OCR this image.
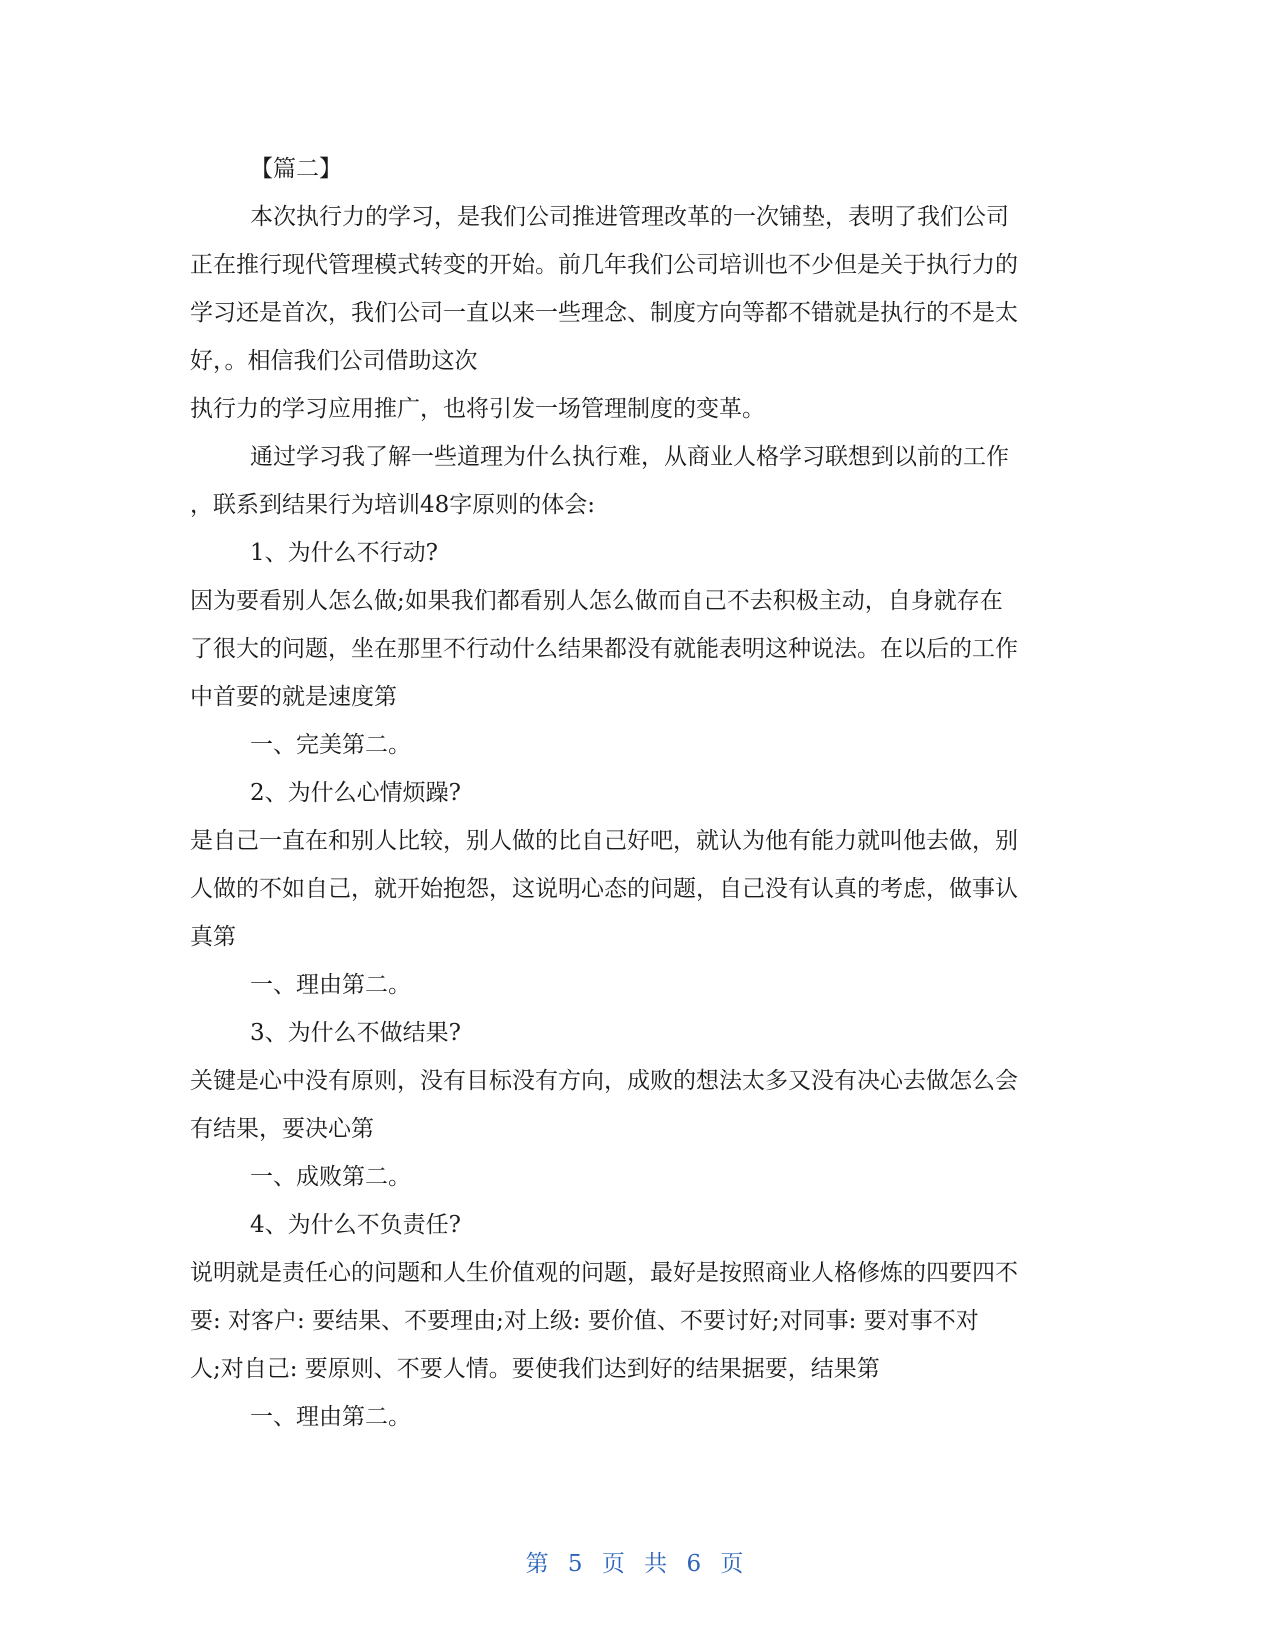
【篇二】

本次执行力的学习，是我们公司推进管理改革的一次铺垫，表明了我们公司

正在推行现代管理模式转变的开始。前几年我们公司培训也不少但是关于执行力的

学习还是首次，我们公司一直以来一些理念、制度方向等都不错就是执行的不是太

好，。相信我们公司借助这次

执行力的学习应用推广，也将引发一场管理制度的变革。

通过学习我了解一些道理为什么执行难，从商业人格学习联想到以前的工作

，联系到结果行为培训48字原则的体会:

1、为什么不行动?

因为要看别人怎么做;如果我们都看别人怎么做而自己不去积极主动，自身就存在

了很大的问题，坐在那里不行动什么结果都没有就能表明这种说法。在以后的工作

中首要的就是速度第

一、完美第二。

2、为什么心情烦躁?

是自己一直在和别人比较，别人做的比自己好吧，就认为他有能力就叫他去做，别

人做的不如自己，就开始抱怨，这说明心态的问题，自己没有认真的考虑，做事认

真第

一、理由第二。

3、为什么不做结果?

关键是心中没有原则，没有目标没有方向，成败的想法太多又没有决心去做怎么会

有结果，要决心第

一、成败第二。

4、为什么不负责任?

说明就是责任心的问题和人生价值观的问题，最好是按照商业人格修炼的四要四不

要: 对客户: 要结果、不要理由;对上级: 要价值、不要讨好;对同事: 要对事不对

人;对自己: 要原则、不要人情。要使我们达到好的结果据要，结果第

一、理由第二。

第 5 页 共 6 页
